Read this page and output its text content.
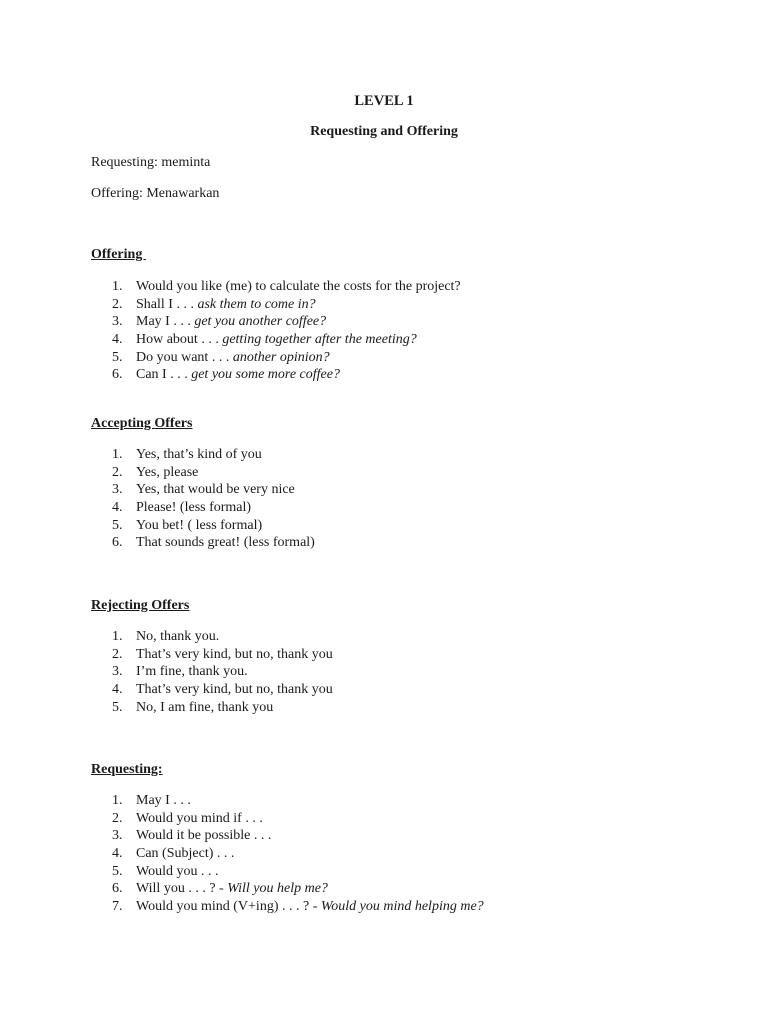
LEVEL 1
Requesting and Offering
Requesting: meminta
Offering: Menawarkan
Offering
1. Would you like (me) to calculate the costs for the project?
2. Shall I . . . ask them to come in?
3. May I . . . get you another coffee?
4. How about . . . getting together after the meeting?
5. Do you want . . . another opinion?
6. Can I . . . get you some more coffee?
Accepting Offers
1. Yes, that’s kind of you
2. Yes, please
3. Yes, that would be very nice
4. Please! (less formal)
5. You bet! ( less formal)
6. That sounds great! (less formal)
Rejecting Offers
1. No, thank you.
2. That’s very kind, but no, thank you
3. I’m fine, thank you.
4. That’s very kind, but no, thank you
5. No, I am fine, thank you
Requesting:
1. May I . . .
2. Would you mind if . . .
3. Would it be possible . . .
4. Can (Subject) . . .
5. Would you . . .
6. Will you . . . ? - Will you help me?
7. Would you mind (V+ing) . . . ? - Would you mind helping me?
